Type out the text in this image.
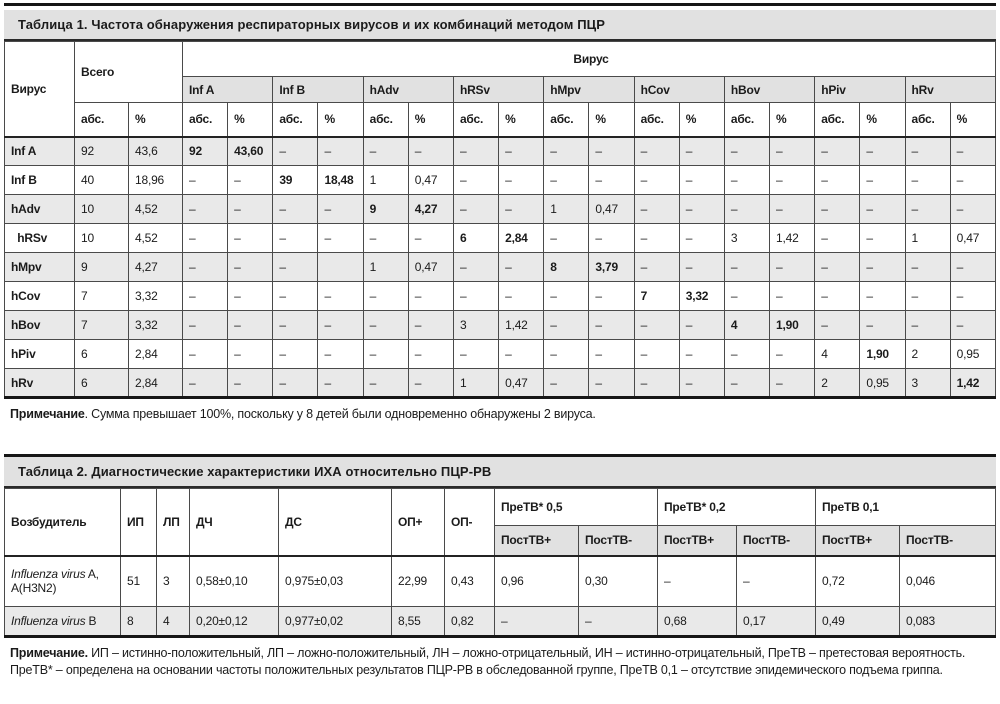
Таблица 1. Частота обнаружения респираторных вирусов и их комбинаций методом ПЦР
Вирус	Всего		Вирус																	
			Inf A		Inf B		hAdv		hRSv		hMpv		hCov		hBov		hPiv		hRv	
	абс.	%	абс.	%	абс.	%	абс.	%	абс.	%	абс.	%	абс.	%	абс.	%	абс.	%	абс.	%
Inf A	92	43,6	92	43,60	–	–	–	–	–	–	–	–	–	–	–	–	–	–	–	–
Inf B	40	18,96	–	–	39	18,48	1	0,47	–	–	–	–	–	–	–	–	–	–	–	–
hAdv	10	4,52	–	–	–	–	9	4,27	–	–	1	0,47	–	–	–	–	–	–	–	–
hRSv	10	4,52	–	–	–	–	–	–	6	2,84	–	–	–	–	3	1,42	–	–	1	0,47
hMpv	9	4,27	–	–	–		1	0,47	–	–	8	3,79	–	–	–	–	–	–	–	–
hCov	7	3,32	–	–	–	–	–	–	–	–	–	–	7	3,32	–	–	–	–	–	–
hBov	7	3,32	–	–	–	–	–	–	3	1,42	–	–	–	–	4	1,90	–	–	–	–
hPiv	6	2,84	–	–	–	–	–	–	–	–	–	–	–	–	–	–	4	1,90	2	0,95
hRv	6	2,84	–	–	–	–	–	–	1	0,47	–	–	–	–	–	–	2	0,95	3	1,42

Примечание. Сумма превышает 100%, поскольку у 8 детей были одновременно обнаружены 2 вируса.

Таблица 2. Диагностические характеристики ИХА относительно ПЦР-РВ
Возбудитель	ИП	ЛП	ДЧ	ДС	ОП+	ОП-	ПреТВ* 0,5		ПреТВ* 0,2		ПреТВ 0,1	
							ПостТВ+	ПостТВ-	ПостТВ+	ПостТВ-	ПостТВ+	ПостТВ-
Influenza virus A, A(H3N2)	51	3	0,58±0,10	0,975±0,03	22,99	0,43	0,96	0,30	–	–	0,72	0,046
Influenza virus B	8	4	0,20±0,12	0,977±0,02	8,55	0,82	–	–	0,68	0,17	0,49	0,083

Примечание. ИП – истинно-положительный, ЛП – ложно-положительный, ЛН – ложно-отрицательный, ИН – истинно-отрицательный, ПреТВ – претестовая вероятность. ПреТВ* – определена на основании частоты положительных результатов ПЦР-РВ в обследованной группе, ПреТВ 0,1 – отсутствие эпидемического подъема гриппа.
